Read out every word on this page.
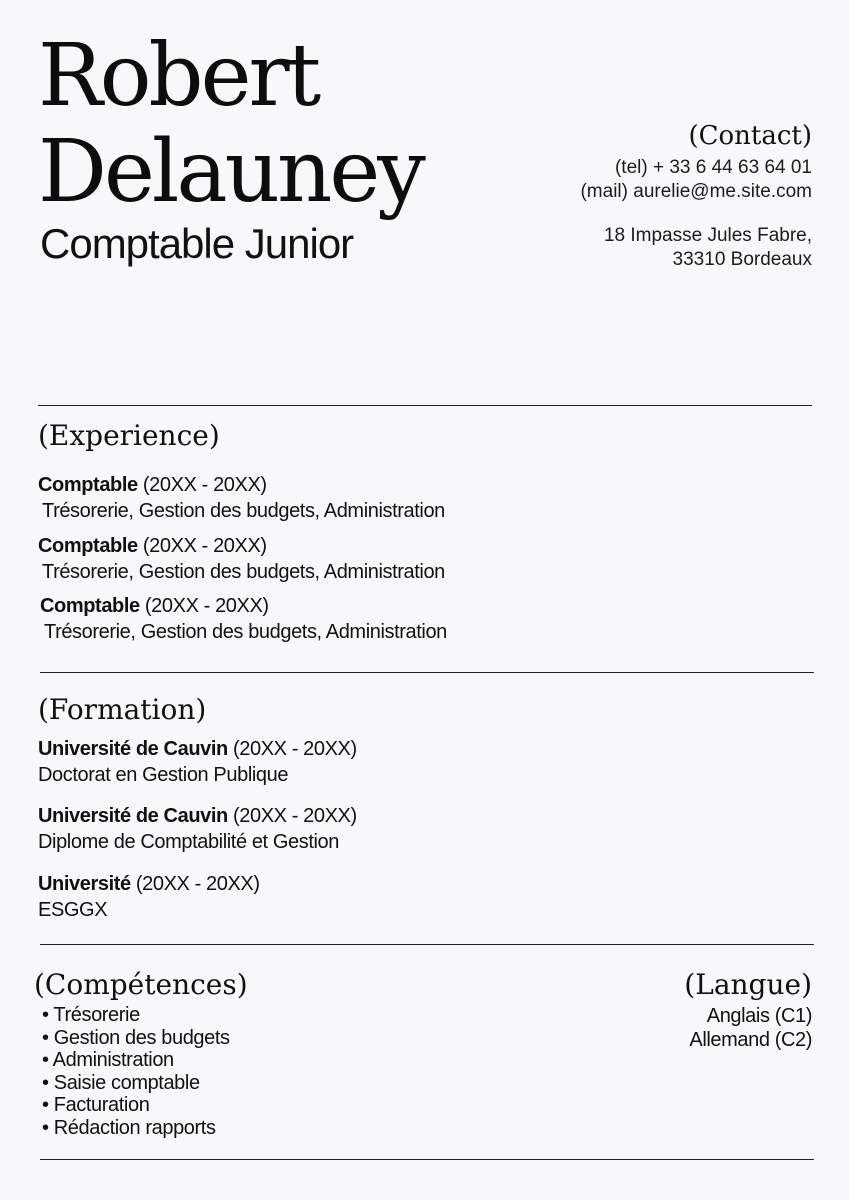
Robert
Delauney
Comptable Junior
(Contact)
(tel) + 33 6 44 63 64 01
(mail) aurelie@me.site.com
18 Impasse Jules Fabre,
33310 Bordeaux
(Experience)
Comptable (20XX - 20XX)
Trésorerie, Gestion des budgets, Administration
Comptable (20XX - 20XX)
Trésorerie, Gestion des budgets, Administration
Comptable (20XX - 20XX)
Trésorerie, Gestion des budgets, Administration
(Formation)
Université de Cauvin (20XX - 20XX)
Doctorat en Gestion Publique
Université de Cauvin (20XX - 20XX)
Diplome de Comptabilité et Gestion
Université (20XX - 20XX)
ESGGX
(Compétences)	(Langue)
• Trésorerie
• Gestion des budgets
• Administration
• Saisie comptable
• Facturation
• Rédaction rapports
Anglais (C1)
Allemand (C2)
